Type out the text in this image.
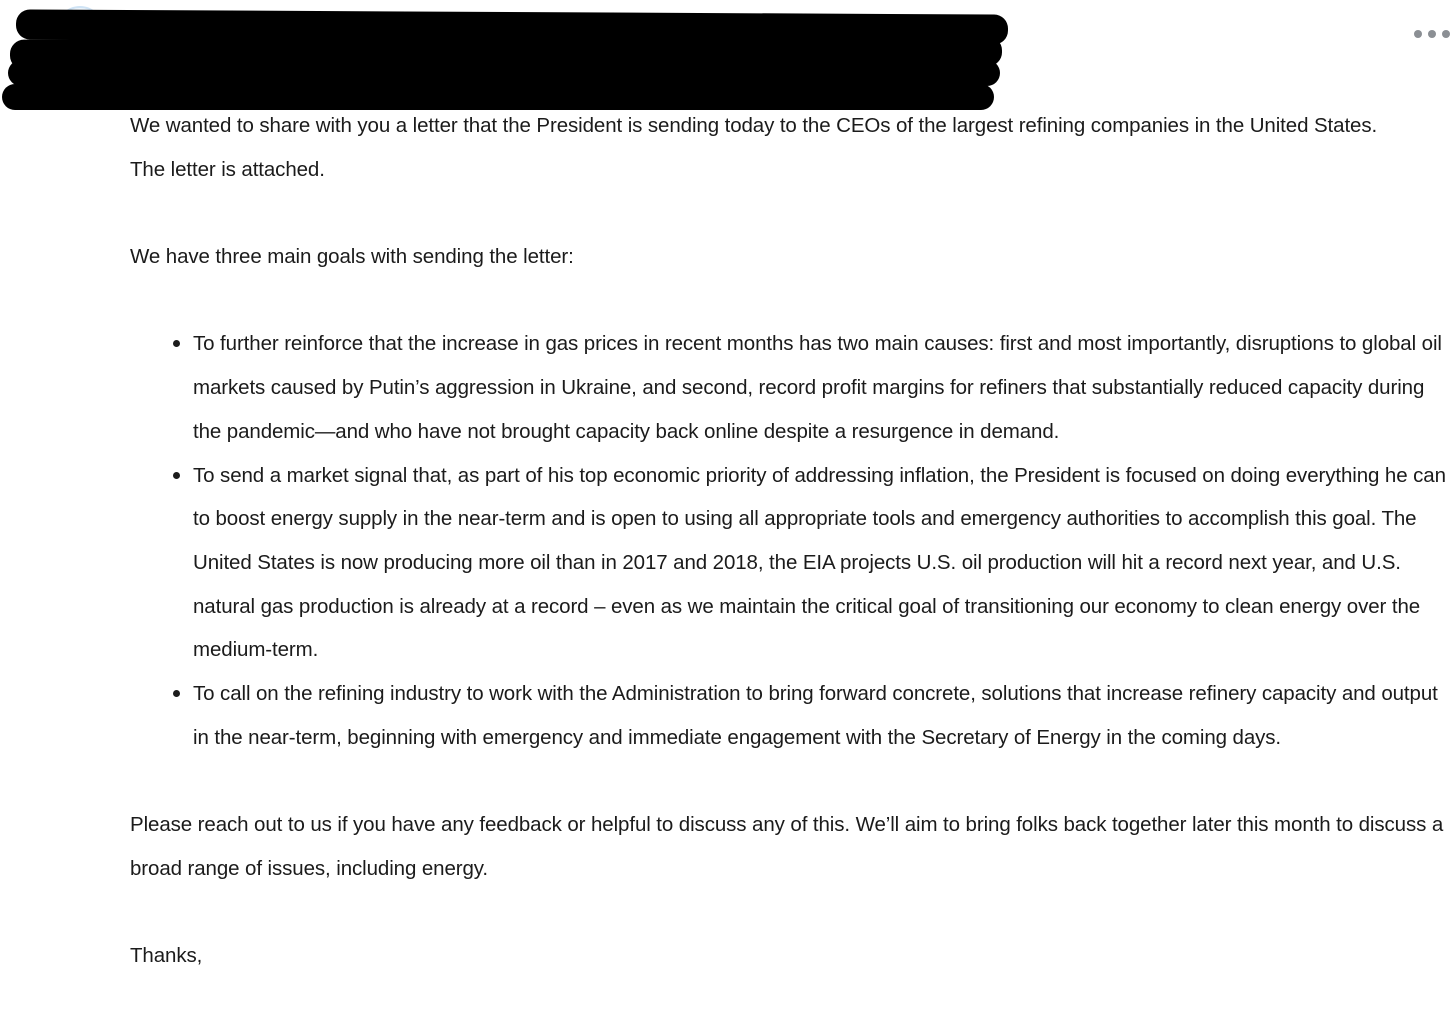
We wanted to share with you a letter that the President is sending today to the CEOs of the largest refining companies in the United States.

The letter is attached.

We have three main goals with sending the letter:

To further reinforce that the increase in gas prices in recent months has two main causes: first and most importantly, disruptions to global oil markets caused by Putin’s aggression in Ukraine, and second, record profit margins for refiners that substantially reduced capacity during the pandemic—and who have not brought capacity back online despite a resurgence in demand.
To send a market signal that, as part of his top economic priority of addressing inflation, the President is focused on doing everything he can to boost energy supply in the near-term and is open to using all appropriate tools and emergency authorities to accomplish this goal. The United States is now producing more oil than in 2017 and 2018, the EIA projects U.S. oil production will hit a record next year, and U.S. natural gas production is already at a record – even as we maintain the critical goal of transitioning our economy to clean energy over the medium-term.
To call on the refining industry to work with the Administration to bring forward concrete, solutions that increase refinery capacity and output in the near-term, beginning with emergency and immediate engagement with the Secretary of Energy in the coming days.

Please reach out to us if you have any feedback or helpful to discuss any of this. We’ll aim to bring folks back together later this month to discuss a broad range of issues, including energy.

Thanks,
